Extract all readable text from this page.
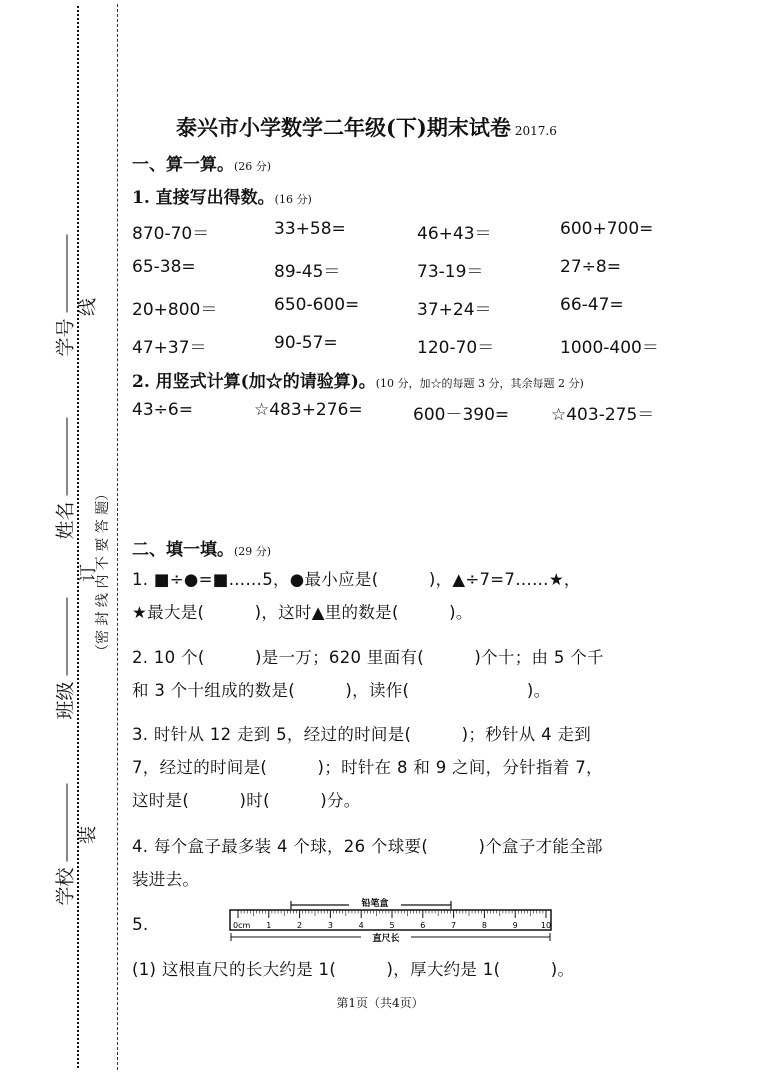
学号
姓名
班级
学校
线
订
装
（密 封 线 内 不 要 答 题）
泰兴市小学数学二年级(下)期末试卷 2017.6
一、算一算。(26 分)
1. 直接写出得数。(16 分)
870-70＝	33+58=	46+43＝	600+700=
65-38=	89-45＝	73-19＝	27÷8=
20+800＝	650-600=	37+24＝	66-47=
47+37＝	90-57=	120-70＝	1000-400＝
2. 用竖式计算(加☆的请验算)。(10 分，加☆的每题 3 分，其余每题 2 分)
43÷6=	☆483+276=	600－390= ☆403-275＝
二、填一填。(29 分)
1. ■÷●=■……5，●最小应是(　　　)，▲÷7=7……★，
★最大是(　　　)，这时▲里的数是(　　　)。
2. 10 个(　　　)是一万；620 里面有(　　　)个十；由 5 个千
和 3 个十组成的数是(　　　)，读作(　　　　　　　)。
3. 时针从 12 走到 5，经过的时间是(　　　)；秒针从 4 走到
7，经过的时间是(　　　)；时针在 8 和 9 之间，分针指着 7，
这时是(　　　)时(　　　)分。
4. 每个盒子最多装 4 个球，26 个球要(　　　)个盒子才能全部
装进去。
5.
铅笔盒
0cm 1	2	3	4	5	6	7	8	9	10
直尺长
(1) 这根直尺的长大约是 1(　　　)，厚大约是 1(　　　)。
第1页（共4页）
